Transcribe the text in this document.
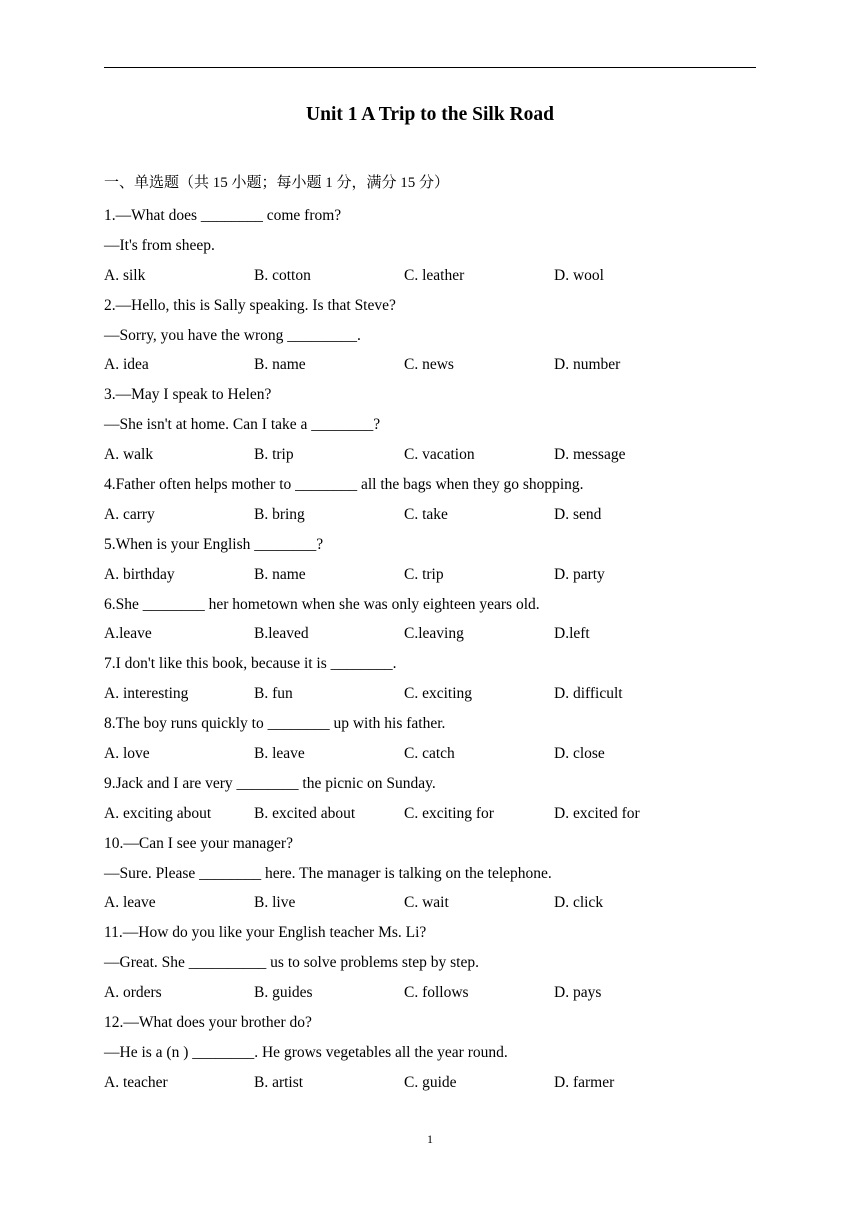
Unit 1 A Trip to the Silk Road
一、单选题（共 15 小题；每小题 1 分，满分 15 分）
1.—What does ________ come from?
—It's from sheep.
A. silk	B. cotton	C. leather	D. wool
2.—Hello, this is Sally speaking. Is that Steve?
—Sorry, you have the wrong _________.
A. idea	B. name	C. news	D. number
3.—May I speak to Helen?
—She isn't at home. Can I take a ________?
A. walk	B. trip	C. vacation	D. message
4.Father often helps mother to ________ all the bags when they go shopping.
A. carry	B. bring	C. take	D. send
5.When is your English ________?
A. birthday	B. name	C. trip	D. party
6.She ________ her hometown when she was only eighteen years old.
A.leave	B.leaved	C.leaving	D.left
7.I don't like this book, because it is ________.
A. interesting	B. fun	C. exciting	D. difficult
8.The boy runs quickly to ________ up with his father.
A. love	B. leave	C. catch	D. close
9.Jack and I are very ________ the picnic on Sunday.
A. exciting about	B. excited about	C. exciting for	D. excited for
10.—Can I see your manager?
—Sure. Please ________ here. The manager is talking on the telephone.
A. leave	B. live	C. wait	D. click
11.—How do you like your English teacher Ms. Li?
—Great. She __________ us to solve problems step by step.
A. orders	B. guides	C. follows	D. pays
12.—What does your brother do?
—He is a (n ) ________. He grows vegetables all the year round.
A. teacher	B. artist	C. guide	D. farmer
1
